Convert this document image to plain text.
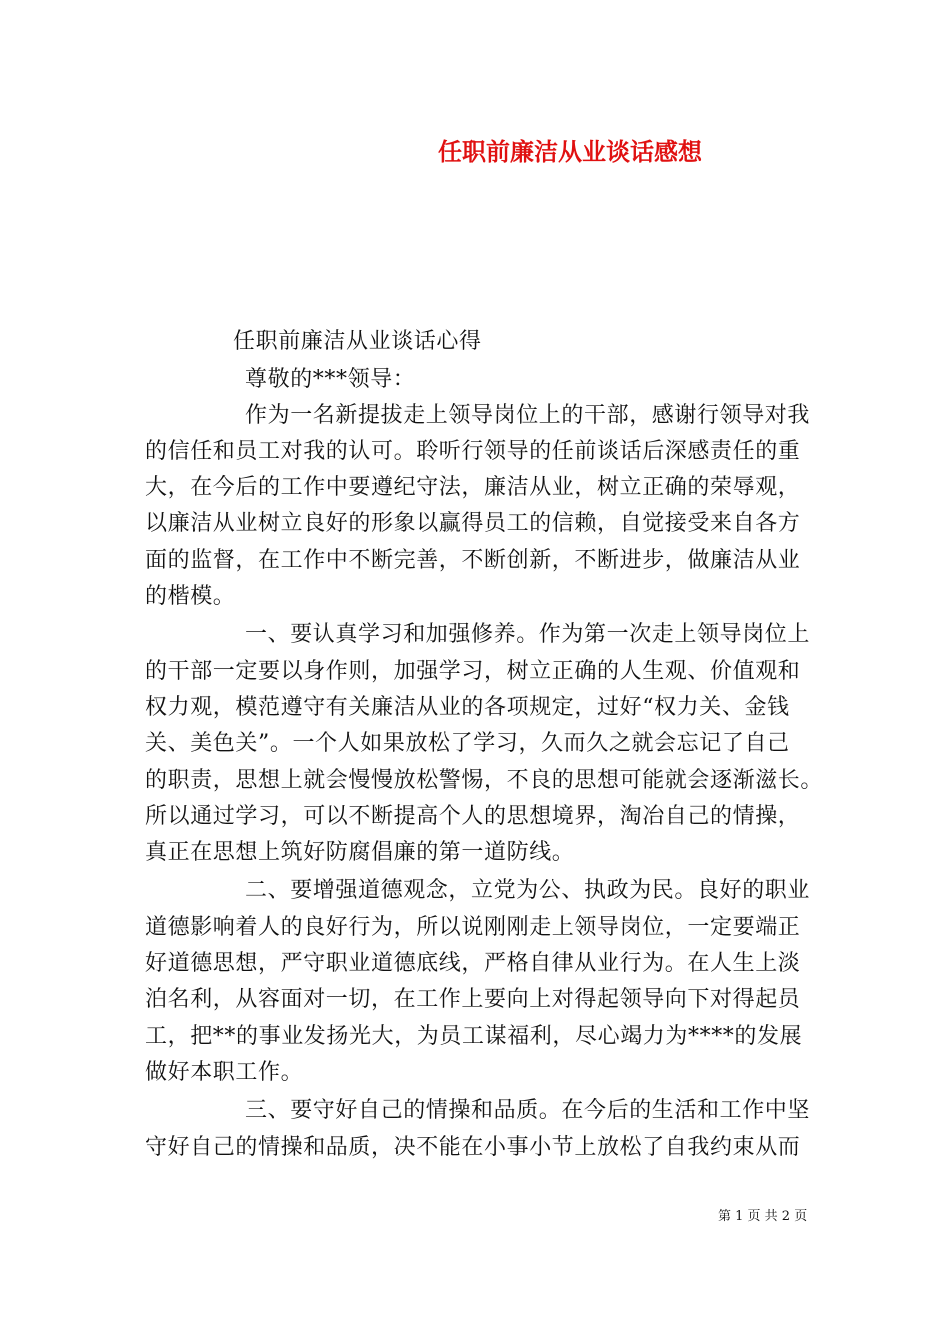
任职前廉洁从业谈话感想
任职前廉洁从业谈话心得
尊敬的***领导：
作为一名新提拔走上领导岗位上的干部，感谢行领导对我
的信任和员工对我的认可。聆听行领导的任前谈话后深感责任的重
大，在今后的工作中要遵纪守法，廉洁从业，树立正确的荣辱观，
以廉洁从业树立良好的形象以赢得员工的信赖，自觉接受来自各方
面的监督，在工作中不断完善，不断创新，不断进步，做廉洁从业
的楷模。
一、要认真学习和加强修养。作为第一次走上领导岗位上
的干部一定要以身作则，加强学习，树立正确的人生观、价值观和
权力观，模范遵守有关廉洁从业的各项规定，过好“权力关、金钱
关、美色关”。一个人如果放松了学习，久而久之就会忘记了自己
的职责，思想上就会慢慢放松警惕，不良的思想可能就会逐渐滋长。
所以通过学习，可以不断提高个人的思想境界，淘冶自己的情操，
真正在思想上筑好防腐倡廉的第一道防线。
二、要增强道德观念，立党为公、执政为民。良好的职业
道德影响着人的良好行为，所以说刚刚走上领导岗位，一定要端正
好道德思想，严守职业道德底线，严格自律从业行为。在人生上淡
泊名利，从容面对一切，在工作上要向上对得起领导向下对得起员
工，把**的事业发扬光大，为员工谋福利，尽心竭力为****的发展
做好本职工作。
三、要守好自己的情操和品质。在今后的生活和工作中坚
守好自己的情操和品质，决不能在小事小节上放松了自我约束从而
第 1 页 共 2 页
